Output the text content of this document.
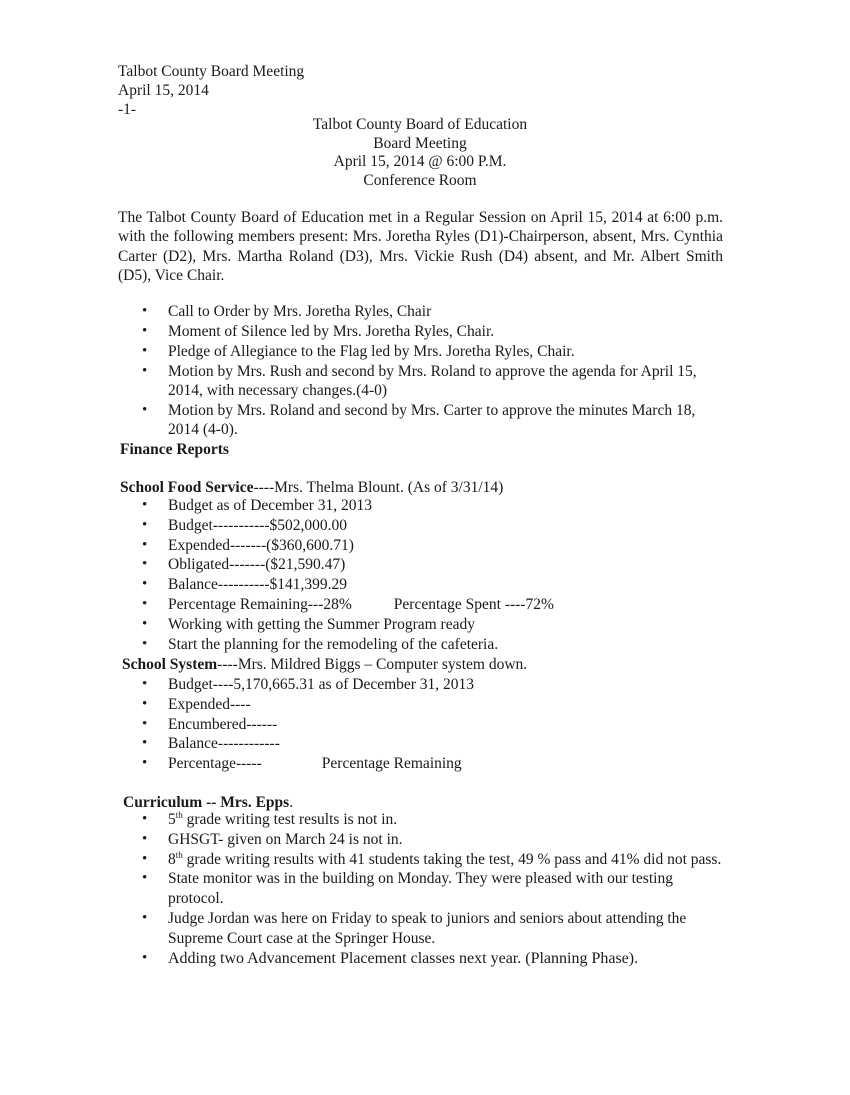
Talbot County Board Meeting
April 15, 2014
-1-
Talbot County Board of Education
Board Meeting
April 15, 2014 @ 6:00 P.M.
Conference Room
The Talbot County Board of Education met in a Regular Session on April 15, 2014 at 6:00 p.m. with the following members present: Mrs. Joretha Ryles (D1)-Chairperson, absent, Mrs. Cynthia Carter (D2), Mrs. Martha Roland (D3), Mrs. Vickie Rush (D4) absent, and Mr. Albert Smith (D5), Vice Chair.
• Call to Order by Mrs. Joretha Ryles, Chair
• Moment of Silence led by Mrs. Joretha Ryles, Chair.
• Pledge of Allegiance to the Flag led by Mrs. Joretha Ryles, Chair.
• Motion by Mrs. Rush and second by Mrs. Roland to approve the agenda for April 15, 2014, with necessary changes.(4-0)
• Motion by Mrs. Roland and second by Mrs. Carter to approve the minutes March 18, 2014 (4-0).
Finance Reports
School Food Service----Mrs. Thelma Blount. (As of 3/31/14)
• Budget as of December 31, 2013
• Budget-----------$502,000.00
• Expended-------($360,600.71)
• Obligated-------($21,590.47)
• Balance----------$141,399.29
• Percentage Remaining---28%	Percentage Spent ----72%
• Working with getting the Summer Program ready
• Start the planning for the remodeling of the cafeteria.
School System----Mrs. Mildred Biggs – Computer system down.
• Budget----5,170,665.31 as of December 31, 2013
• Expended----
• Encumbered------
• Balance------------
• Percentage-----	Percentage Remaining
Curriculum -- Mrs. Epps.
• 5th grade writing test results is not in.
• GHSGT- given on March 24 is not in.
• 8th grade writing results with 41 students taking the test, 49 % pass and 41% did not pass.
• State monitor was in the building on Monday. They were pleased with our testing protocol.
• Judge Jordan was here on Friday to speak to juniors and seniors about attending the Supreme Court case at the Springer House.
• Adding two Advancement Placement classes next year. (Planning Phase).
